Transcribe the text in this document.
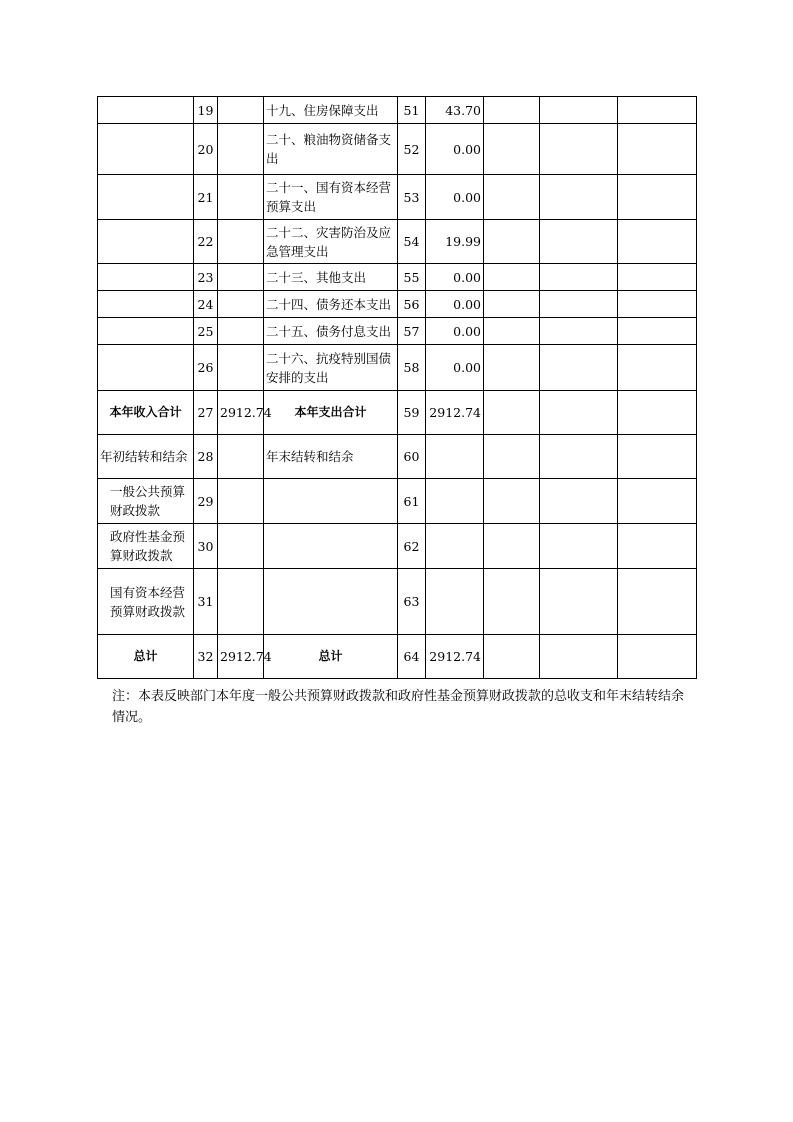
	19		十九、住房保障支出	51	43.70			
	20		二十、粮油物资储备支出	52	0.00			
	21		二十一、国有资本经营预算支出	53	0.00			
	22		二十二、灾害防治及应急管理支出	54	19.99			
	23		二十三、其他支出	55	0.00			
	24		二十四、债务还本支出	56	0.00			
	25		二十五、债务付息支出	57	0.00			
	26		二十六、抗疫特别国债安排的支出	58	0.00			
本年收入合计	27	2912.74	本年支出合计	59	2912.74			
年初结转和结余	28		年末结转和结余	60				
一般公共预算财政拨款	29			61				
政府性基金预算财政拨款	30			62				
国有资本经营预算财政拨款	31			63				
总计	32	2912.74	总计	64	2912.74			
注：本表反映部门本年度一般公共预算财政拨款和政府性基金预算财政拨款的总收支和年末结转结余情况。
